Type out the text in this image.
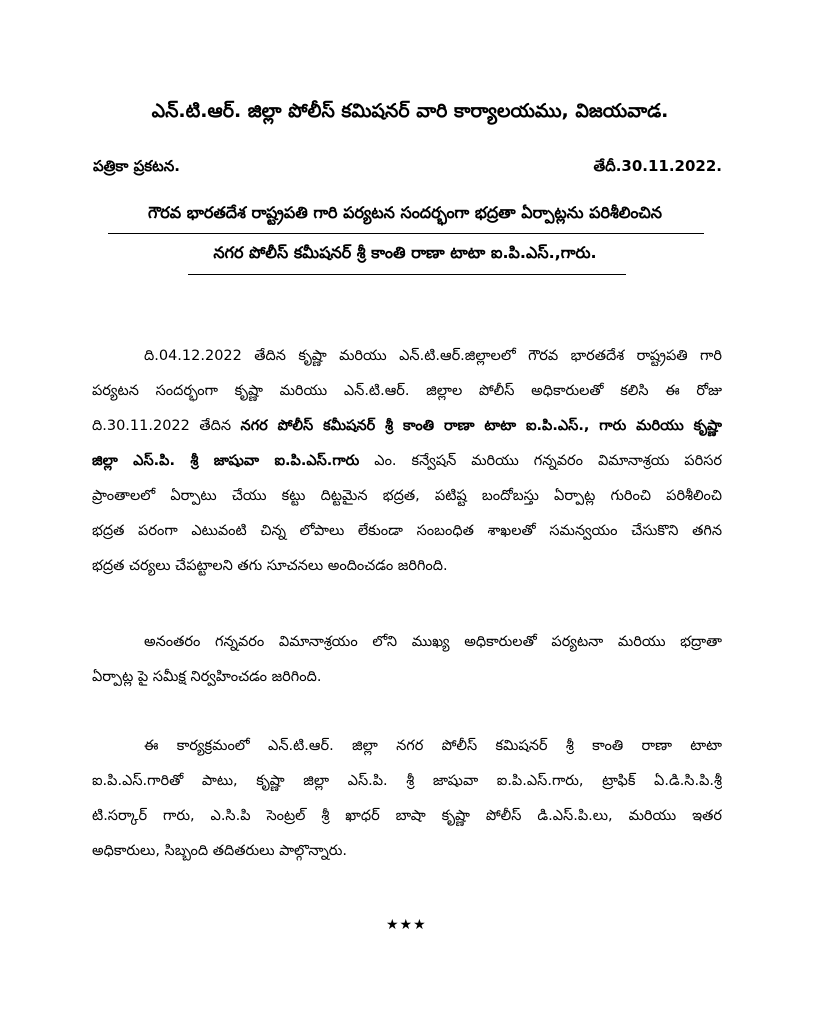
ఎన్.టి.ఆర్. జిల్లా పోలీస్ కమిషనర్ వారి కార్యాలయము, విజయవాడ.
పత్రికా ప్రకటన.	తేదీ.30.11.2022.
గౌరవ భారతదేశ రాష్ట్రపతి గారి పర్యటన సందర్భంగా భద్రతా ఏర్పాట్లను పరిశీలించిన
నగర పోలీస్ కమీషనర్ శ్రీ కాంతి రాణా టాటా ఐ.పి.ఎస్.,గారు.
ది.04.12.2022 తేదిన కృష్ణా మరియు ఎన్.టి.ఆర్.జిల్లాలలో గౌరవ భారతదేశ రాష్ట్రపతి గారి
పర్యటన సందర్భంగా కృష్ణా మరియు ఎన్.టి.ఆర్. జిల్లాల పోలీస్ అధికారులతో కలిసి ఈ రోజు
ది.30.11.2022 తేదిన నగర పోలీస్ కమీషనర్ శ్రీ కాంతి రాణా టాటా ఐ.పి.ఎస్., గారు మరియు కృష్ణా
జిల్లా ఎస్.పి. శ్రీ జాషువా ఐ.పి.ఎస్.గారు ఎం. కన్వేషన్ మరియు గన్నవరం విమానాశ్రయ పరిసర
ప్రాంతాలలో ఏర్పాటు చేయు కట్టు దిట్టమైన భద్రత, పటిష్ట బందోబస్తు ఏర్పాట్ల గురించి పరిశీలించి
భద్రత పరంగా ఎటువంటి చిన్న లోపాలు లేకుండా సంబంధిత శాఖలతో సమన్వయం చేసుకొని తగిన
భద్రత చర్యలు చేపట్టాలని తగు సూచనలు అందించడం జరిగింది.
అనంతరం గన్నవరం విమానాశ్రయం లోని ముఖ్య అధికారులతో పర్యటనా మరియు భద్రాతా
ఏర్పాట్ల పై సమీక్ష నిర్వహించడం జరిగింది.
ఈ కార్యక్రమంలో ఎన్.టి.ఆర్. జిల్లా నగర పోలీస్ కమిషనర్ శ్రీ కాంతి రాణా టాటా
ఐ.పి.ఎస్.గారితో పాటు, కృష్ణా జిల్లా ఎస్.పి. శ్రీ జాషువా ఐ.పి.ఎస్.గారు, ట్రాఫిక్ ఏ.డి.సి.పి.శ్రీ
టి.సర్కార్ గారు, ఎ.సి.పి సెంట్రల్ శ్రీ ఖాధర్ బాషా కృష్ణా పోలీస్ డి.ఎస్.పి.లు, మరియు ఇతర
అధికారులు, సిబ్బంది తదితరులు పాల్గొన్నారు.
★★★
